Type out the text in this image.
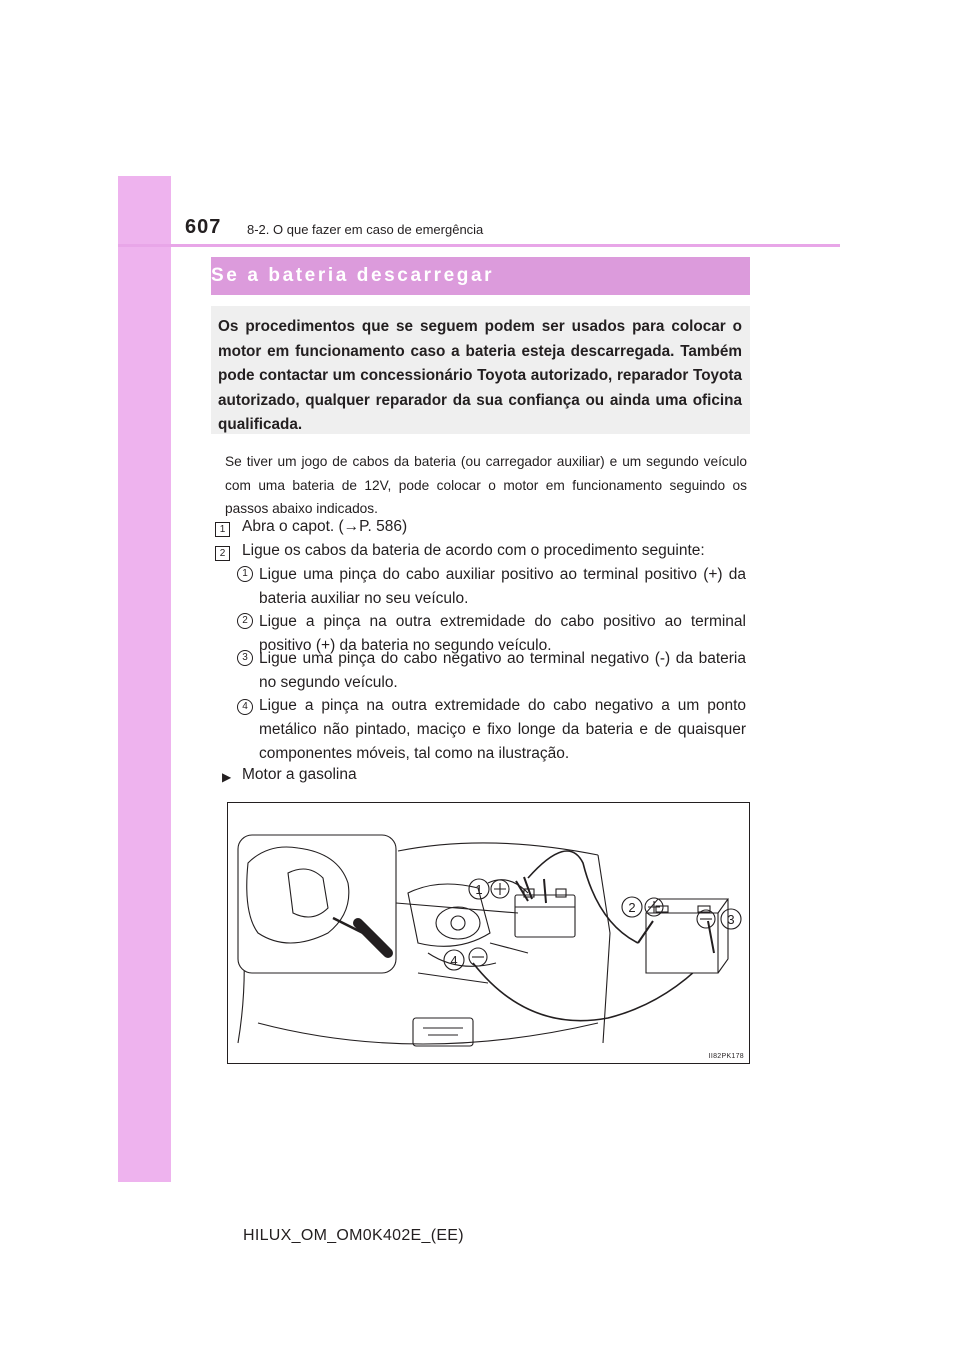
607 8-2. O que fazer em caso de emergência
Se a bateria descarregar
Os procedimentos que se seguem podem ser usados para colocar o motor em funcionamento caso a bateria esteja descarregada. Também pode contactar um concessionário Toyota autorizado, reparador Toyota autorizado, qualquer reparador da sua confiança ou ainda uma oficina qualificada.
Se tiver um jogo de cabos da bateria (ou carregador auxiliar) e um segundo veículo com uma bateria de 12V, pode colocar o motor em funcionamento seguindo os passos abaixo indicados.
1	Abra o capot. (→P. 586)
2	Ligue os cabos da bateria de acordo com o procedimento seguinte:
1 Ligue uma pinça do cabo auxiliar positivo ao terminal positivo (+) da bateria auxiliar no seu veículo.
2 Ligue a pinça na outra extremidade do cabo positivo ao terminal positivo (+) da bateria no segundo veículo.
3 Ligue uma pinça do cabo negativo ao terminal negativo (-) da bateria no segundo veículo.
4 Ligue a pinça na outra extremidade do cabo negativo a um ponto metálico não pintado, maciço e fixo longe da bateria e de quaisquer componentes móveis, tal como na ilustração.
▶ Motor a gasolina
1
2
3
4
II82PK178
HILUX_OM_OM0K402E_(EE)
